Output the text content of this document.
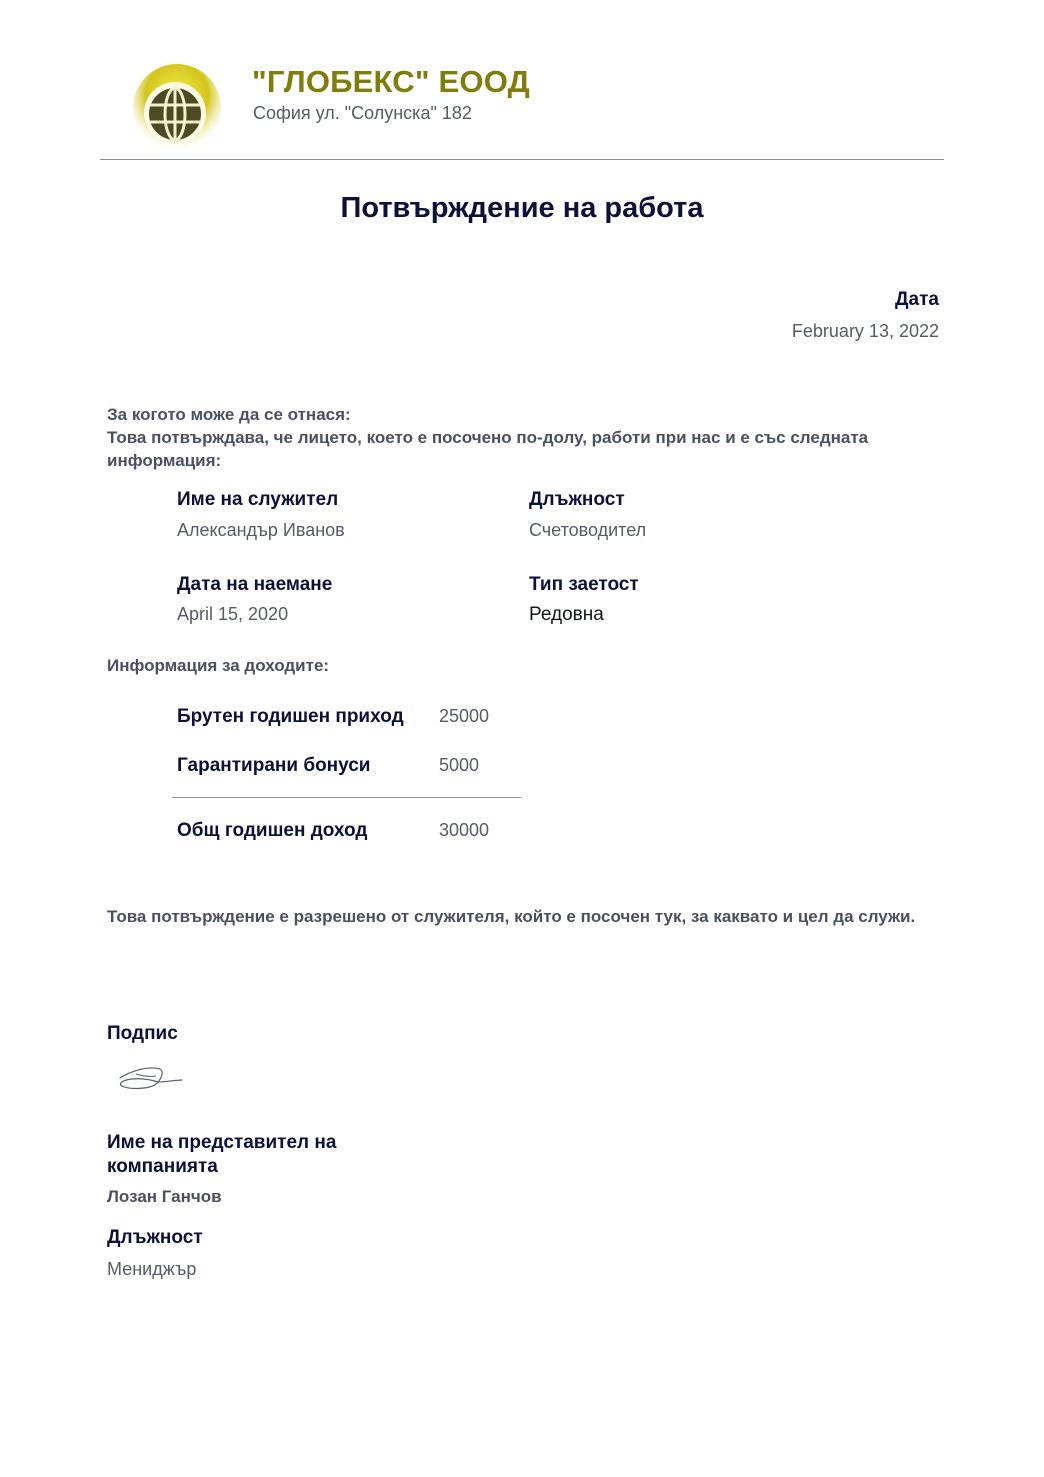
"ГЛОБЕКС" ЕООД
София ул. "Солунска" 182
Потвърждение на работа
Дата
February 13, 2022
За когото може да се отнася:
Това потвърждава, че лицето, което е посочено по-долу, работи при нас и е със следната информация:
Име на служител
Александър Иванов
Длъжност
Счетоводител
Дата на наемане
April 15, 2020
Тип заетост
Редовна
Информация за доходите:
Брутен годишен приход 25000
Гарантирани бонуси	5000
Общ годишен доход	30000
Това потвърждение е разрешено от служителя, който е посочен тук, за каквато и цел да служи.
Подпис
Име на представител на компанията
Лозан Ганчов
Длъжност
Мениджър
